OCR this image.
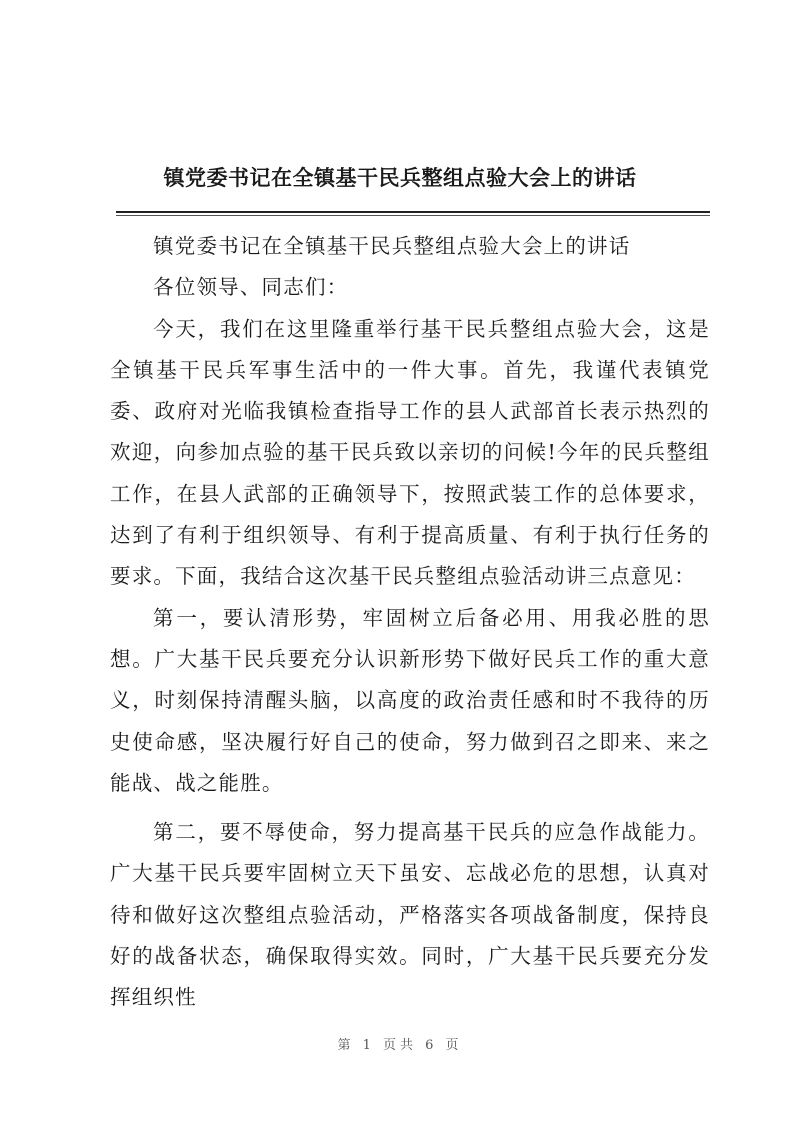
镇党委书记在全镇基干民兵整组点验大会上的讲话

镇党委书记在全镇基干民兵整组点验大会上的讲话

各位领导、同志们：

今天，我们在这里隆重举行基干民兵整组点验大会，这是全镇基干民兵军事生活中的一件大事。首先，我谨代表镇党委、政府对光临我镇检查指导工作的县人武部首长表示热烈的欢迎，向参加点验的基干民兵致以亲切的问候!今年的民兵整组工作，在县人武部的正确领导下，按照武装工作的总体要求，达到了有利于组织领导、有利于提高质量、有利于执行任务的要求。下面，我结合这次基干民兵整组点验活动讲三点意见：

第一，要认清形势，牢固树立后备必用、用我必胜的思想。广大基干民兵要充分认识新形势下做好民兵工作的重大意义，时刻保持清醒头脑，以高度的政治责任感和时不我待的历史使命感，坚决履行好自己的使命，努力做到召之即来、来之能战、战之能胜。

第二，要不辱使命，努力提高基干民兵的应急作战能力。广大基干民兵要牢固树立天下虽安、忘战必危的思想，认真对待和做好这次整组点验活动，严格落实各项战备制度，保持良好的战备状态，确保取得实效。同时，广大基干民兵要充分发挥组织性

第 1 页共 6 页
